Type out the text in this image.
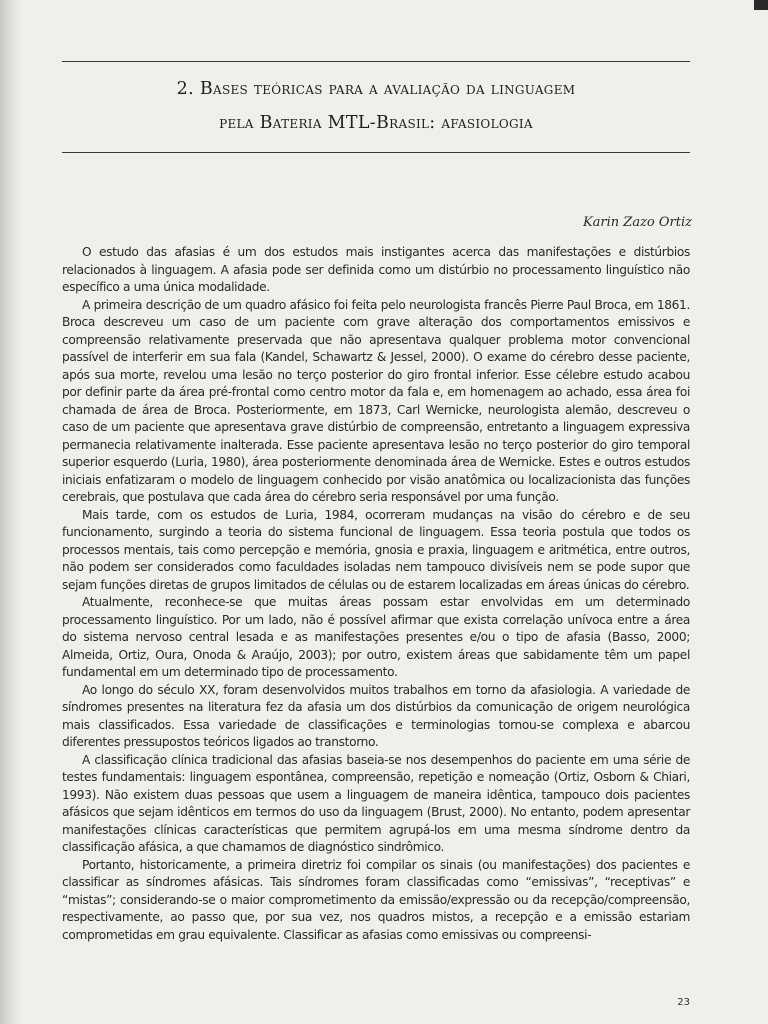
2. Bases teóricas para a avaliação da linguagem
pela Bateria MTL-Brasil: afasiologia
Karin Zazo Ortiz

O estudo das afasias é um dos estudos mais instigantes acerca das manifestações e distúrbios relacionados à linguagem. A afasia pode ser definida como um distúrbio no processamento linguístico não específico a uma única modalidade.

A primeira descrição de um quadro afásico foi feita pelo neurologista francês Pierre Paul Broca, em 1861. Broca descreveu um caso de um paciente com grave alteração dos comportamentos emissivos e compreensão relativamente preservada que não apresentava qualquer problema motor convencional passível de interferir em sua fala (Kandel, Schawartz & Jessel, 2000). O exame do cérebro desse paciente, após sua morte, revelou uma lesão no terço posterior do giro frontal inferior. Esse célebre estudo acabou por definir parte da área pré-frontal como centro motor da fala e, em homenagem ao achado, essa área foi chamada de área de Broca. Posteriormente, em 1873, Carl Wernicke, neurologista alemão, descreveu o caso de um paciente que apresentava grave distúrbio de compreensão, entretanto a linguagem expressiva permanecia relativamente inalterada. Esse paciente apresentava lesão no terço posterior do giro temporal superior esquerdo (Luria, 1980), área posteriormente denominada área de Wernicke. Estes e outros estudos iniciais enfatizaram o modelo de linguagem conhecido por visão anatômica ou localizacionista das funções cerebrais, que postulava que cada área do cérebro seria responsável por uma função.

Mais tarde, com os estudos de Luria, 1984, ocorreram mudanças na visão do cérebro e de seu funcionamento, surgindo a teoria do sistema funcional de linguagem. Essa teoria postula que todos os processos mentais, tais como percepção e memória, gnosia e praxia, linguagem e aritmética, entre outros, não podem ser considerados como faculdades isoladas nem tampouco divisíveis nem se pode supor que sejam funções diretas de grupos limitados de células ou de estarem localizadas em áreas únicas do cérebro.

Atualmente, reconhece-se que muitas áreas possam estar envolvidas em um determinado processamento linguístico. Por um lado, não é possível afirmar que exista correlação unívoca entre a área do sistema nervoso central lesada e as manifestações presentes e/ou o tipo de afasia (Basso, 2000; Almeida, Ortiz, Oura, Onoda & Araújo, 2003); por outro, existem áreas que sabidamente têm um papel fundamental em um determinado tipo de processamento.

Ao longo do século XX, foram desenvolvidos muitos trabalhos em torno da afasiologia. A variedade de síndromes presentes na literatura fez da afasia um dos distúrbios da comunicação de origem neurológica mais classificados. Essa variedade de classificações e terminologias tornou-se complexa e abarcou diferentes pressupostos teóricos ligados ao transtorno.

A classificação clínica tradicional das afasias baseia-se nos desempenhos do paciente em uma série de testes fundamentais: linguagem espontânea, compreensão, repetição e nomeação (Ortiz, Osborn & Chiari, 1993). Não existem duas pessoas que usem a linguagem de maneira idêntica, tampouco dois pacientes afásicos que sejam idênticos em termos do uso da linguagem (Brust, 2000). No entanto, podem apresentar manifestações clínicas características que permitem agrupá-los em uma mesma síndrome dentro da classificação afásica, a que chamamos de diagnóstico sindrômico.

Portanto, historicamente, a primeira diretriz foi compilar os sinais (ou manifestações) dos pacientes e classificar as síndromes afásicas. Tais síndromes foram classificadas como “emissivas”, “receptivas” e “mistas”; considerando-se o maior comprometimento da emissão/expressão ou da recepção/compreensão, respectivamente, ao passo que, por sua vez, nos quadros mistos, a recepção e a emissão estariam comprometidas em grau equivalente. Classificar as afasias como emissivas ou compreensi-

23
